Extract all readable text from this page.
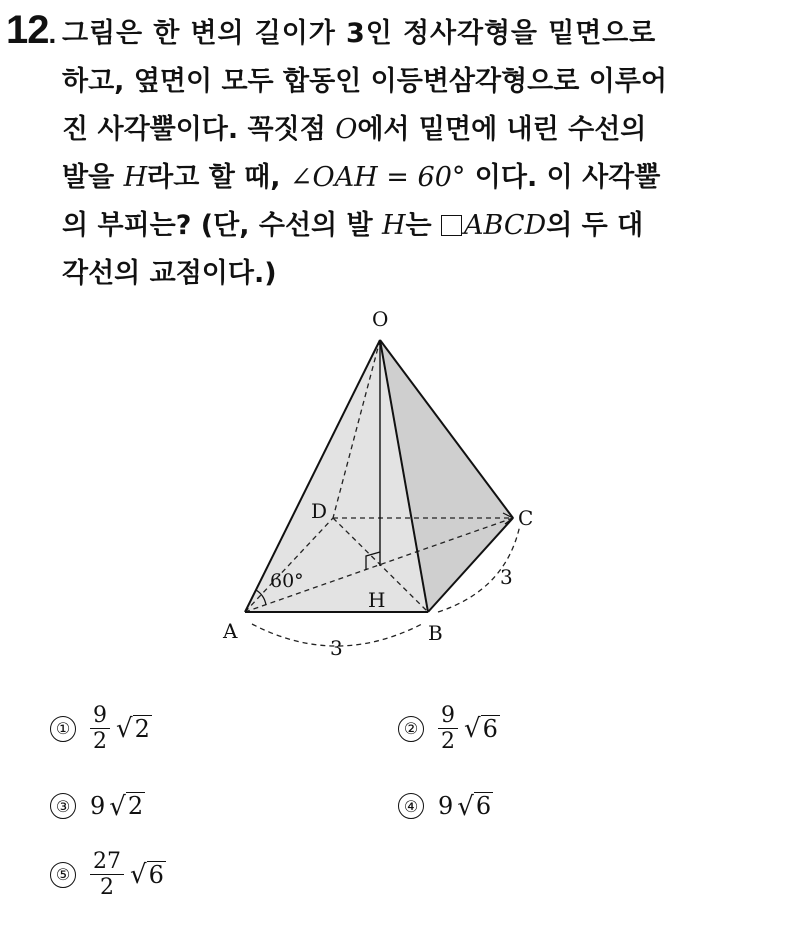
12. 그림은 한 변의 길이가 3인 정사각형을 밑면으로
하고, 옆면이 모두 합동인 이등변삼각형으로 이루어
진 사각뿔이다. 꼭짓점 O에서 밑면에 내린 수선의
발을 H라고 할 때, ∠OAH = 60° 이다. 이 사각뿔
의 부피는? (단, 수선의 발 H는 ABCD의 두 대
각선의 교점이다.)
O
D	C
A	B
H
60°
3
3
① $\frac{9}{2}$ √ 2	② $\frac{9}{2}$ √ 6
③ 9 √ 2	④ 9 √ 6
⑤ $\frac{27}{2}$ √ 6
